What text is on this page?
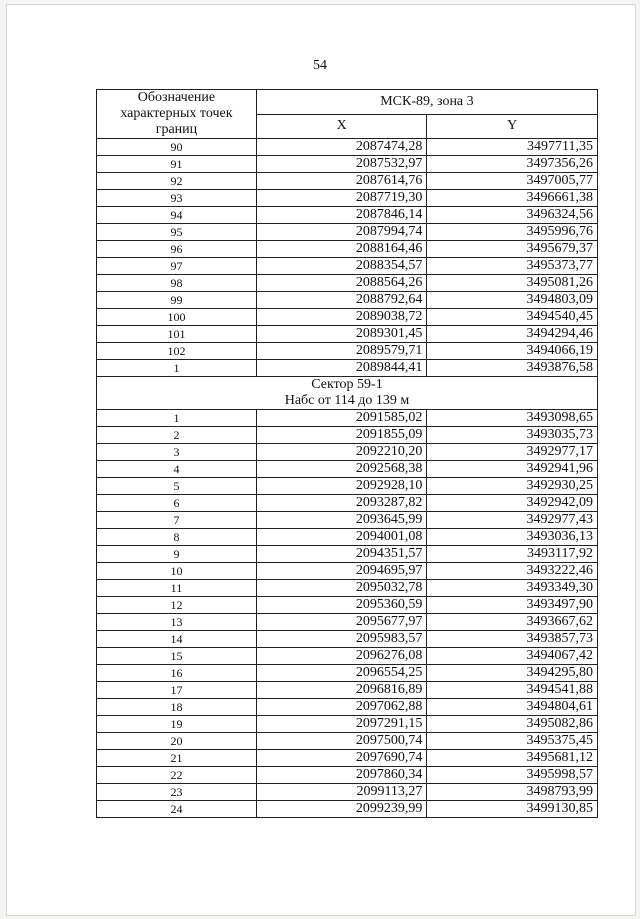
54
Обозначение характерных точек границ	МСК-89, зона 3	
	X	Y
90	2087474,28	3497711,35
91	2087532,97	3497356,26
92	2087614,76	3497005,77
93	2087719,30	3496661,38
94	2087846,14	3496324,56
95	2087994,74	3495996,76
96	2088164,46	3495679,37
97	2088354,57	3495373,77
98	2088564,26	3495081,26
99	2088792,64	3494803,09
100	2089038,72	3494540,45
101	2089301,45	3494294,46
102	2089579,71	3494066,19
1	2089844,41	3493876,58

Сектор 59-1
Набс от 114 до 139 м		

1	2091585,02	3493098,65
2	2091855,09	3493035,73
3	2092210,20	3492977,17
4	2092568,38	3492941,96
5	2092928,10	3492930,25
6	2093287,82	3492942,09
7	2093645,99	3492977,43
8	2094001,08	3493036,13
9	2094351,57	3493117,92
10	2094695,97	3493222,46
11	2095032,78	3493349,30
12	2095360,59	3493497,90
13	2095677,97	3493667,62
14	2095983,57	3493857,73
15	2096276,08	3494067,42
16	2096554,25	3494295,80
17	2096816,89	3494541,88
18	2097062,88	3494804,61
19	2097291,15	3495082,86
20	2097500,74	3495375,45
21	2097690,74	3495681,12
22	2097860,34	3495998,57
23	2099113,27	3498793,99
24	2099239,99	3499130,85
